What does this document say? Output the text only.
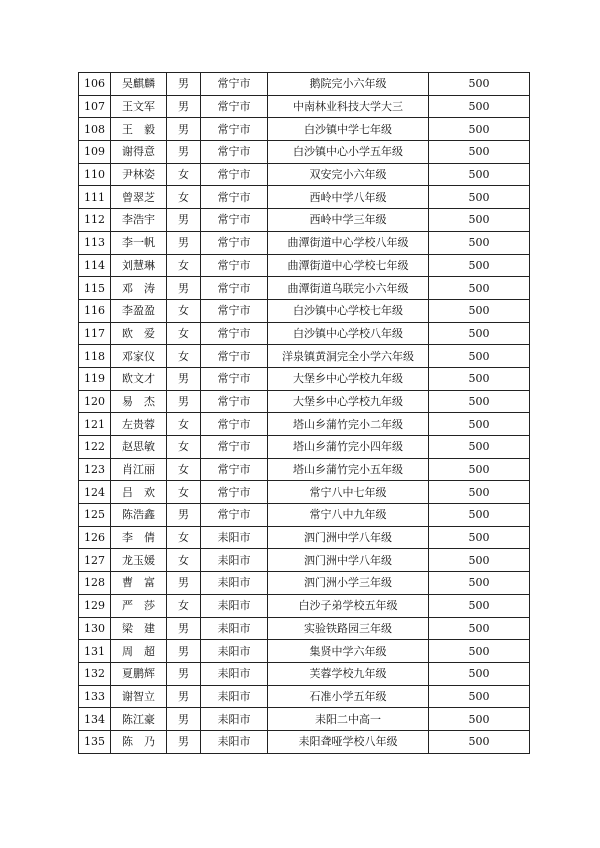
106	吴麒麟	男	常宁市	鹅院完小六年级	500
107	王文军	男	常宁市	中南林业科技大学大三	500
108	王　毅	男	常宁市	白沙镇中学七年级	500
109	谢得意	男	常宁市	白沙镇中心小学五年级	500
110	尹林姿	女	常宁市	双安完小六年级	500
111	曾翠芝	女	常宁市	西岭中学八年级	500
112	李浩宇	男	常宁市	西岭中学三年级	500
113	李一帆	男	常宁市	曲潭街道中心学校八年级	500
114	刘慧琳	女	常宁市	曲潭街道中心学校七年级	500
115	邓　涛	男	常宁市	曲潭街道乌联完小六年级	500
116	李盈盈	女	常宁市	白沙镇中心学校七年级	500
117	欧　爱	女	常宁市	白沙镇中心学校八年级	500
118	邓家仪	女	常宁市	洋泉镇黄洞完全小学六年级	500
119	欧文才	男	常宁市	大堡乡中心学校九年级	500
120	易　杰	男	常宁市	大堡乡中心学校九年级	500
121	左贵蓉	女	常宁市	塔山乡蒲竹完小二年级	500
122	赵思敏	女	常宁市	塔山乡蒲竹完小四年级	500
123	肖江丽	女	常宁市	塔山乡蒲竹完小五年级	500
124	吕　欢	女	常宁市	常宁八中七年级	500
125	陈浩鑫	男	常宁市	常宁八中九年级	500
126	李　倩	女	耒阳市	泗门洲中学八年级	500
127	龙玉媛	女	耒阳市	泗门洲中学八年级	500
128	曹　富	男	耒阳市	泗门洲小学三年级	500
129	严　莎	女	耒阳市	白沙子弟学校五年级	500
130	梁　建	男	耒阳市	实验铁路园三年级	500
131	周　超	男	耒阳市	集贤中学六年级	500
132	夏鹏辉	男	耒阳市	芙蓉学校九年级	500
133	谢智立	男	耒阳市	石准小学五年级	500
134	陈江豪	男	耒阳市	耒阳二中高一	500
135	陈　乃	男	耒阳市	耒阳聋哑学校八年级	500
